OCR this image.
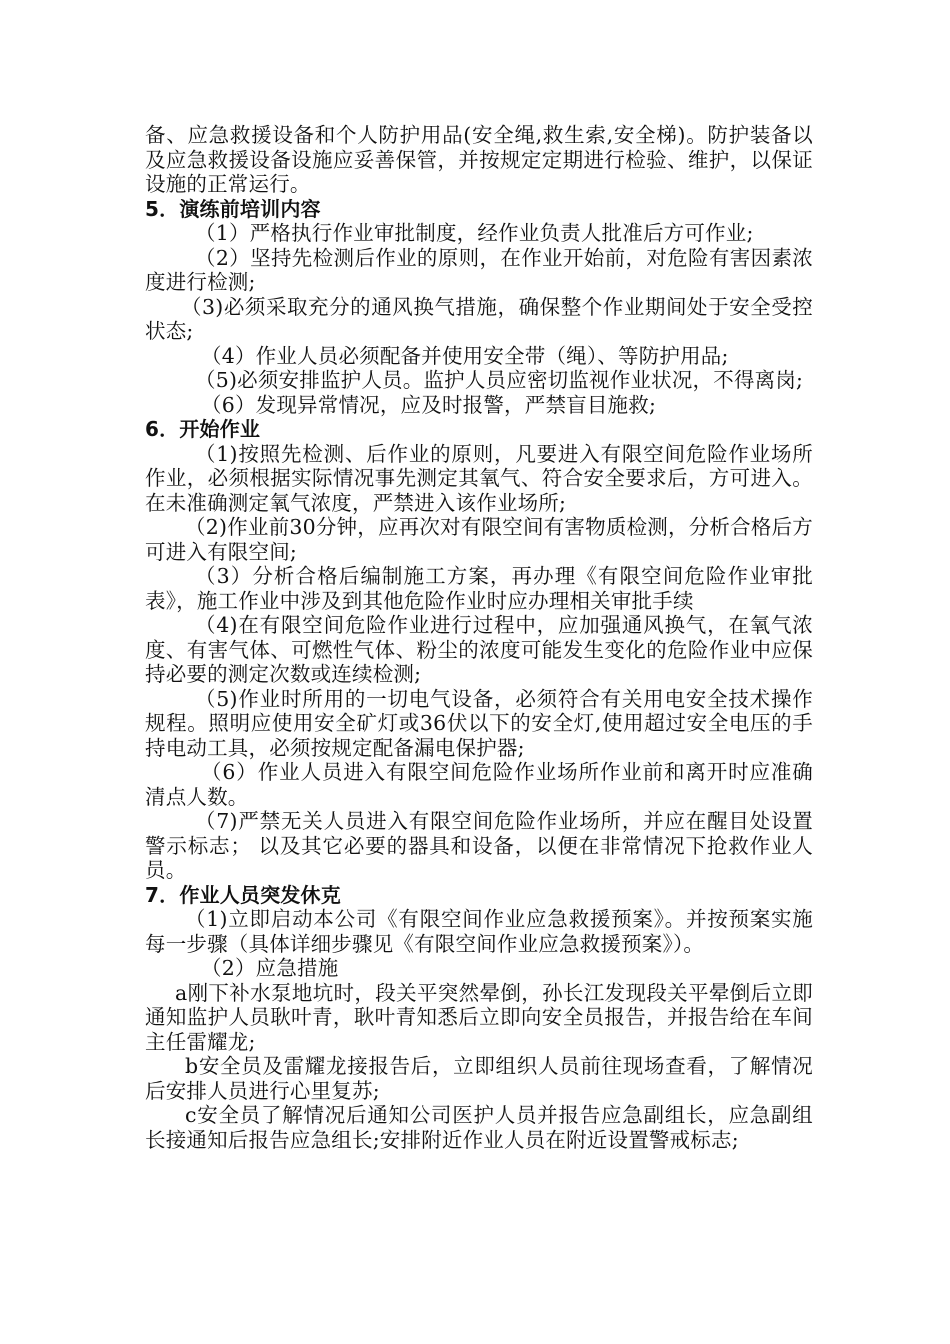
备、应急救援设备和个人防护用品(安全绳,救生索,安全梯)。防护装备以及应急救援设备设施应妥善保管，并按规定定期进行检验、维护，以保证设施的正常运行。

5．演练前培训内容

（1）严格执行作业审批制度，经作业负责人批准后方可作业;

（2）坚持先检测后作业的原则，在作业开始前，对危险有害因素浓度进行检测;

（3)必须采取充分的通风换气措施，确保整个作业期间处于安全受控状态;

（4）作业人员必须配备并使用安全带（绳）、等防护用品;

（5)必须安排监护人员。监护人员应密切监视作业状况，不得离岗;

（6）发现异常情况，应及时报警，严禁盲目施救;

6．开始作业

（1)按照先检测、后作业的原则，凡要进入有限空间危险作业场所作业，必须根据实际情况事先测定其氧气、符合安全要求后，方可进入。在未准确测定氧气浓度，严禁进入该作业场所;

（2)作业前30分钟，应再次对有限空间有害物质检测，分析合格后方可进入有限空间;

（3）分析合格后编制施工方案，再办理《有限空间危险作业审批表》，施工作业中涉及到其他危险作业时应办理相关审批手续

（4)在有限空间危险作业进行过程中，应加强通风换气，在氧气浓度、有害气体、可燃性气体、粉尘的浓度可能发生变化的危险作业中应保持必要的测定次数或连续检测;

（5)作业时所用的一切电气设备，必须符合有关用电安全技术操作规程。照明应使用安全矿灯或36伏以下的安全灯,使用超过安全电压的手持电动工具，必须按规定配备漏电保护器;

（6）作业人员进入有限空间危险作业场所作业前和离开时应准确清点人数。

（7)严禁无关人员进入有限空间危险作业场所，并应在醒目处设置警示标志； 以及其它必要的器具和设备，以便在非常情况下抢救作业人员。

7．作业人员突发休克

（1)立即启动本公司《有限空间作业应急救援预案》。并按预案实施每一步骤（具体详细步骤见《有限空间作业应急救援预案》）。

（2）应急措施

a刚下补水泵地坑时，段关平突然晕倒，孙长江发现段关平晕倒后立即通知监护人员耿叶青，耿叶青知悉后立即向安全员报告，并报告给在车间主任雷耀龙;

b安全员及雷耀龙接报告后，立即组织人员前往现场查看，了解情况后安排人员进行心里复苏;

c安全员了解情况后通知公司医护人员并报告应急副组长，应急副组长接通知后报告应急组长;安排附近作业人员在附近设置警戒标志;
